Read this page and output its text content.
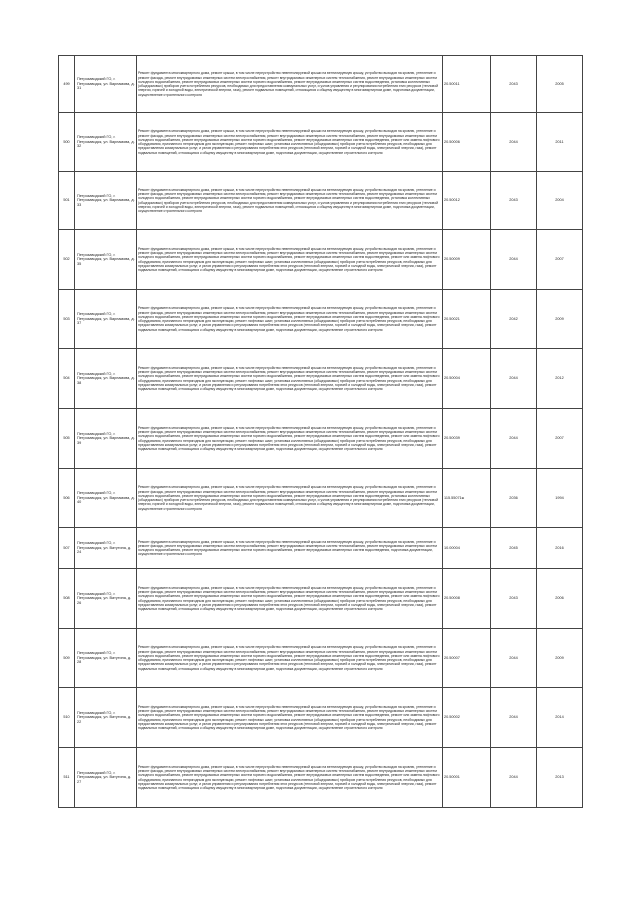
499	Петрозаводский ГО, г. Петрозаводск, ул. Варламова, д. 31	Ремонт фундамента многоквартирного дома, ремонт крыши, в том числе переустройство невентилируемой крыши на вентилируемую крышу, устройство выходов на кровлю, утепление и ремонт фасада, ремонт внутридомовых инженерных систем электроснабжения, ремонт внутридомовых инженерных систем теплоснабжения, ремонт внутридомовых инженерных систем холодного водоснабжения, ремонт внутридомовых инженерных систем горячего водоснабжения, ремонт внутридомовых инженерных систем водоотведения, установка коллективных (общедомовых) приборов учета потребления ресурсов, необходимых для предоставления коммунальных услуг, и узлов управления и регулирования потребления этих ресурсов (тепловой энергии, горячей и холодной воды, электрической энергии, газа), ремонт подвальных помещений, относящихся к общему имуществу в многоквартирном доме, подготовка документации, осуществление строительного контроля	20.50011	2043	2005
500	Петрозаводский ГО, г. Петрозаводск, ул. Варламова, д. 32	Ремонт фундамента многоквартирного дома, ремонт крыши, в том числе переустройство невентилируемой крыши на вентилируемую крышу, устройство выходов на кровлю, утепление и ремонт фасада, ремонт внутридомовых инженерных систем электроснабжения, ремонт внутридомовых инженерных систем теплоснабжения, ремонт внутридомовых инженерных систем холодного водоснабжения, ремонт внутридомовых инженерных систем горячего водоснабжения, ремонт внутридомовых инженерных систем водоотведения, ремонт или замена лифтового оборудования, признанного непригодным для эксплуатации, ремонт лифтовых шахт, установка коллективных (общедомовых) приборов учета потребления ресурсов, необходимых для предоставления коммунальных услуг, и узлов управления и регулирования потребления этих ресурсов (тепловой энергии, горячей и холодной воды, электрической энергии, газа), ремонт подвальных помещений, относящихся к общему имуществу в многоквартирном доме, подготовка документации, осуществление строительного контроля	20.50006	2044	2011
501	Петрозаводский ГО, г. Петрозаводск, ул. Варламова, д. 33	Ремонт фундамента многоквартирного дома, ремонт крыши, в том числе переустройство невентилируемой крыши на вентилируемую крышу, устройство выходов на кровлю, утепление и ремонт фасада, ремонт внутридомовых инженерных систем электроснабжения, ремонт внутридомовых инженерных систем теплоснабжения, ремонт внутридомовых инженерных систем холодного водоснабжения, ремонт внутридомовых инженерных систем горячего водоснабжения, ремонт внутридомовых инженерных систем водоотведения, установка коллективных (общедомовых) приборов учета потребления ресурсов, необходимых для предоставления коммунальных услуг, и узлов управления и регулирования потребления этих ресурсов (тепловой энергии, горячей и холодной воды, электрической энергии, газа), ремонт подвальных помещений, относящихся к общему имуществу в многоквартирном доме, подготовка документации, осуществление строительного контроля	20.50012	2043	2004
502	Петрозаводский ГО, г. Петрозаводск, ул. Варламова, д. 35	Ремонт фундамента многоквартирного дома, ремонт крыши, в том числе переустройство невентилируемой крыши на вентилируемую крышу, устройство выходов на кровлю, утепление и ремонт фасада, ремонт внутридомовых инженерных систем электроснабжения, ремонт внутридомовых инженерных систем теплоснабжения, ремонт внутридомовых инженерных систем холодного водоснабжения, ремонт внутридомовых инженерных систем горячего водоснабжения, ремонт внутридомовых инженерных систем водоотведения, ремонт или замена лифтового оборудования, признанного непригодным для эксплуатации, ремонт лифтовых шахт, установка коллективных (общедомовых) приборов учета потребления ресурсов, необходимых для предоставления коммунальных услуг, и узлов управления и регулирования потребления этих ресурсов (тепловой энергии, горячей и холодной воды, электрической энергии, газа), ремонт подвальных помещений, относящихся к общему имуществу в многоквартирном доме, подготовка документации, осуществление строительного контроля	20.50009	2044	2007
503	Петрозаводский ГО, г. Петрозаводск, ул. Варламова, д. 37	Ремонт фундамента многоквартирного дома, ремонт крыши, в том числе переустройство невентилируемой крыши на вентилируемую крышу, устройство выходов на кровлю, утепление и ремонт фасада, ремонт внутридомовых инженерных систем электроснабжения, ремонт внутридомовых инженерных систем теплоснабжения, ремонт внутридомовых инженерных систем холодного водоснабжения, ремонт внутридомовых инженерных систем горячего водоснабжения, ремонт внутридомовых инженерных систем водоотведения, ремонт или замена лифтового оборудования, признанного непригодным для эксплуатации, ремонт лифтовых шахт, установка коллективных (общедомовых) приборов учета потребления ресурсов, необходимых для предоставления коммунальных услуг, и узлов управления и регулирования потребления этих ресурсов (тепловой энергии, горячей и холодной воды, электрической энергии, газа), ремонт подвальных помещений, относящихся к общему имуществу в многоквартирном доме, подготовка документации, осуществление строительного контроля	20.50021	2042	2009
504	Петрозаводский ГО, г. Петрозаводск, ул. Варламова, д. 38	Ремонт фундамента многоквартирного дома, ремонт крыши, в том числе переустройство невентилируемой крыши на вентилируемую крышу, устройство выходов на кровлю, утепление и ремонт фасада, ремонт внутридомовых инженерных систем электроснабжения, ремонт внутридомовых инженерных систем теплоснабжения, ремонт внутридомовых инженерных систем холодного водоснабжения, ремонт внутридомовых инженерных систем горячего водоснабжения, ремонт внутридомовых инженерных систем водоотведения, ремонт или замена лифтового оборудования, признанного непригодным для эксплуатации, ремонт лифтовых шахт, установка коллективных (общедомовых) приборов учета потребления ресурсов, необходимых для предоставления коммунальных услуг, и узлов управления и регулирования потребления этих ресурсов (тепловой энергии, горячей и холодной воды, электрической энергии, газа), ремонт подвальных помещений, относящихся к общему имуществу в многоквартирном доме, подготовка документации, осуществление строительного контроля	20.50004	2044	2012
505	Петрозаводский ГО, г. Петрозаводск, ул. Варламова, д. 39	Ремонт фундамента многоквартирного дома, ремонт крыши, в том числе переустройство невентилируемой крыши на вентилируемую крышу, устройство выходов на кровлю, утепление и ремонт фасада, ремонт внутридомовых инженерных систем электроснабжения, ремонт внутридомовых инженерных систем теплоснабжения, ремонт внутридомовых инженерных систем холодного водоснабжения, ремонт внутридомовых инженерных систем горячего водоснабжения, ремонт внутридомовых инженерных систем водоотведения, ремонт или замена лифтового оборудования, признанного непригодным для эксплуатации, ремонт лифтовых шахт, установка коллективных (общедомовых) приборов учета потребления ресурсов, необходимых для предоставления коммунальных услуг, и узлов управления и регулирования потребления этих ресурсов (тепловой энергии, горячей и холодной воды, электрической энергии, газа), ремонт подвальных помещений, относящихся к общему имуществу в многоквартирном доме, подготовка документации, осуществление строительного контроля	20.50039	2044	2007
506	Петрозаводский ГО, г. Петрозаводск, ул. Варламова, д. 40	Ремонт фундамента многоквартирного дома, ремонт крыши, в том числе переустройство невентилируемой крыши на вентилируемую крышу, устройство выходов на кровлю, утепление и ремонт фасада, ремонт внутридомовых инженерных систем электроснабжения, ремонт внутридомовых инженерных систем теплоснабжения, ремонт внутридомовых инженерных систем холодного водоснабжения, ремонт внутридомовых инженерных систем горячего водоснабжения, ремонт внутридомовых инженерных систем водоотведения, установка коллективных (общедомовых) приборов учета потребления ресурсов, необходимых для предоставления коммунальных услуг, и узлов управления и регулирования потребления этих ресурсов (тепловой энергии, горячей и холодной воды, электрической энергии, газа), ремонт подвальных помещений, относящихся к общему имуществу в многоквартирном доме, подготовка документации, осуществление строительного контроля	115.55071ж	2036	1994
507	Петрозаводский ГО, г. Петрозаводск, ул. Ватутина, д. 24	Ремонт фундамента многоквартирного дома, ремонт крыши, в том числе переустройство невентилируемой крыши на вентилируемую крышу, устройство выходов на кровлю, утепление и ремонт фасада, ремонт внутридомовых инженерных систем электроснабжения, ремонт внутридомовых инженерных систем теплоснабжения, ремонт внутридомовых инженерных систем холодного водоснабжения, ремонт внутридомовых инженерных систем горячего водоснабжения, ремонт внутридомовых инженерных систем водоотведения, подготовка документации, осуществление строительного контроля	10.00004	2045	2016
508	Петрозаводский ГО, г. Петрозаводск, ул. Ватутина, д. 26	Ремонт фундамента многоквартирного дома, ремонт крыши, в том числе переустройство невентилируемой крыши на вентилируемую крышу, устройство выходов на кровлю, утепление и ремонт фасада, ремонт внутридомовых инженерных систем электроснабжения, ремонт внутридомовых инженерных систем теплоснабжения, ремонт внутридомовых инженерных систем холодного водоснабжения, ремонт внутридомовых инженерных систем горячего водоснабжения, ремонт внутридомовых инженерных систем водоотведения, ремонт или замена лифтового оборудования, признанного непригодным для эксплуатации, ремонт лифтовых шахт, установка коллективных (общедомовых) приборов учета потребления ресурсов, необходимых для предоставления коммунальных услуг, и узлов управления и регулирования потребления этих ресурсов (тепловой энергии, горячей и холодной воды, электрической энергии, газа), ремонт подвальных помещений, относящихся к общему имуществу в многоквартирном доме, подготовка документации, осуществление строительного контроля	20.50008	2043	2006
509	Петрозаводский ГО, г. Петрозаводск, ул. Ватутина, д. 28	Ремонт фундамента многоквартирного дома, ремонт крыши, в том числе переустройство невентилируемой крыши на вентилируемую крышу, устройство выходов на кровлю, утепление и ремонт фасада, ремонт внутридомовых инженерных систем электроснабжения, ремонт внутридомовых инженерных систем теплоснабжения, ремонт внутридомовых инженерных систем холодного водоснабжения, ремонт внутридомовых инженерных систем горячего водоснабжения, ремонт внутридомовых инженерных систем водоотведения, ремонт или замена лифтового оборудования, признанного непригодным для эксплуатации, ремонт лифтовых шахт, установка коллективных (общедомовых) приборов учета потребления ресурсов, необходимых для предоставления коммунальных услуг, и узлов управления и регулирования потребления этих ресурсов (тепловой энергии, горячей и холодной воды, электрической энергии, газа), ремонт подвальных помещений, относящихся к общему имуществу в многоквартирном доме, подготовка документации, осуществление строительного контроля	20.50007	2044	2009
510	Петрозаводский ГО, г. Петрозаводск, ул. Ватутина, д. 22	Ремонт фундамента многоквартирного дома, ремонт крыши, в том числе переустройство невентилируемой крыши на вентилируемую крышу, устройство выходов на кровлю, утепление и ремонт фасада, ремонт внутридомовых инженерных систем электроснабжения, ремонт внутридомовых инженерных систем теплоснабжения, ремонт внутридомовых инженерных систем холодного водоснабжения, ремонт внутридомовых инженерных систем горячего водоснабжения, ремонт внутридомовых инженерных систем водоотведения, ремонт или замена лифтового оборудования, признанного непригодным для эксплуатации, ремонт лифтовых шахт, установка коллективных (общедомовых) приборов учета потребления ресурсов, необходимых для предоставления коммунальных услуг, и узлов управления и регулирования потребления этих ресурсов (тепловой энергии, горячей и холодной воды, электрической энергии, газа), ремонт подвальных помещений, относящихся к общему имуществу в многоквартирном доме, подготовка документации, осуществление строительного контроля	20.50002	2044	2014
511	Петрозаводский ГО, г. Петрозаводск, ул. Ватутина, д. 27	Ремонт фундамента многоквартирного дома, ремонт крыши, в том числе переустройство невентилируемой крыши на вентилируемую крышу, устройство выходов на кровлю, утепление и ремонт фасада, ремонт внутридомовых инженерных систем электроснабжения, ремонт внутридомовых инженерных систем теплоснабжения, ремонт внутридомовых инженерных систем холодного водоснабжения, ремонт внутридомовых инженерных систем горячего водоснабжения, ремонт внутридомовых инженерных систем водоотведения, ремонт или замена лифтового оборудования, признанного непригодным для эксплуатации, ремонт лифтовых шахт, установка коллективных (общедомовых) приборов учета потребления ресурсов, необходимых для предоставления коммунальных услуг, и узлов управления и регулирования потребления этих ресурсов (тепловой энергии, горячей и холодной воды, электрической энергии, газа), ремонт подвальных помещений, относящихся к общему имуществу в многоквартирном доме, подготовка документации, осуществление строительного контроля	20.50001	2044	2013
